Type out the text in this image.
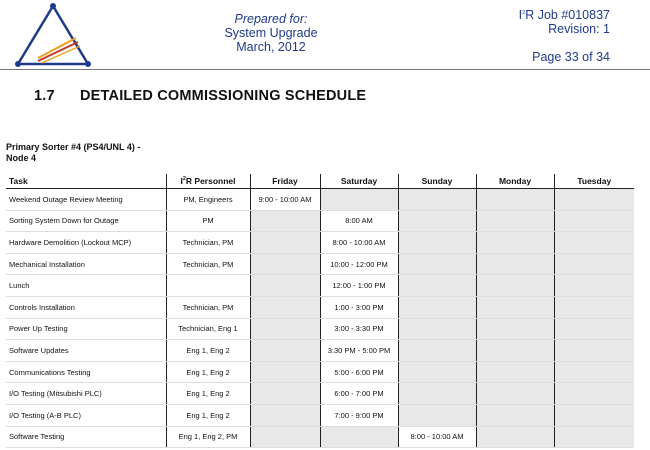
Prepared for:
System Upgrade
March, 2012
$I^2R$ Job #010837
Revision: 1
Page 33 of 34
1.7 DETAILED COMMISSIONING SCHEDULE
Primary Sorter #4 (PS4/UNL 4) -
Node 4
Task	$I^2R$ Personnel	Friday	Saturday	Sunday	Monday	Tuesday
Weekend Outage Review Meeting	PM, Engineers	9:00 - 10:00 AM				
Sorting System Down for Outage	PM		8:00 AM			
Hardware Demolition (Lockout MCP)	Technician, PM		8:00 - 10:00 AM			
Mechanical Installation	Technician, PM		10:00 - 12:00 PM			
Lunch			12:00 - 1:00 PM			
Controls Installation	Technician, PM		1:00 - 3:00 PM			
Power Up Testing	Technician, Eng 1		3:00 - 3:30 PM			
Software Updates	Eng 1, Eng 2		3:30 PM - 5:00 PM			
Communications Testing	Eng 1, Eng 2		5:00 - 6:00 PM			
I/O Testing (Mitsubishi PLC)	Eng 1, Eng 2		6:00 - 7:00 PM			
I/O Testing (A-B PLC)	Eng 1, Eng 2		7:00 - 9:00 PM			
Software Testing	Eng 1, Eng 2, PM			8:00 - 10:00 AM		
